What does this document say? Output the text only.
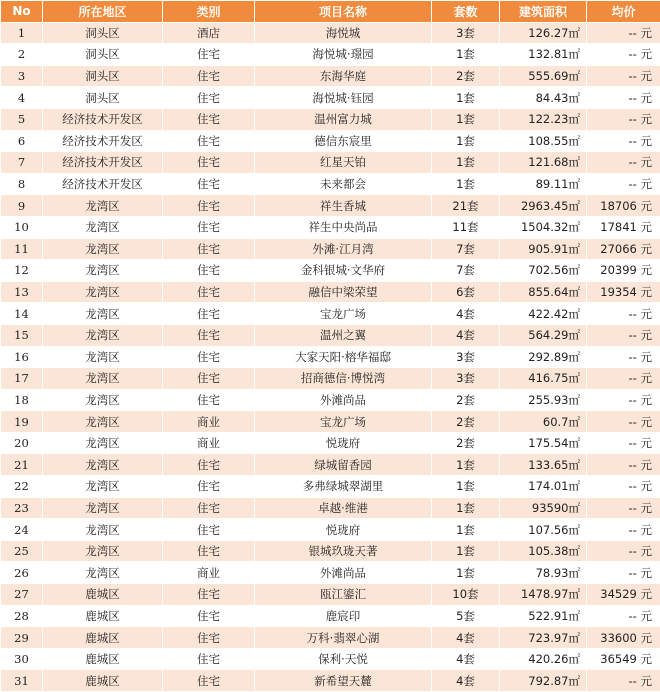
No	所在地区	类别	项目名称	套数	建筑面积	均价
1	洞头区	酒店	海悦城	3套	126.27㎡	-- 元
2	洞头区	住宅	海悦城·璟园	1套	132.81㎡	-- 元
3	洞头区	住宅	东海华庭	2套	555.69㎡	-- 元
4	洞头区	住宅	海悦城·钰园	1套	84.43㎡	-- 元
5	经济技术开发区	住宅	温州富力城	1套	122.23㎡	-- 元
6	经济技术开发区	住宅	德信东宸里	1套	108.55㎡	-- 元
7	经济技术开发区	住宅	红星天铂	1套	121.68㎡	-- 元
8	经济技术开发区	住宅	未来都会	1套	89.11㎡	-- 元
9	龙湾区	住宅	祥生香城	21套	2963.45㎡	18706 元
10	龙湾区	住宅	祥生中央尚品	11套	1504.32㎡	17841 元
11	龙湾区	住宅	外滩·江月湾	7套	905.91㎡	27066 元
12	龙湾区	住宅	金科银城·文华府	7套	702.56㎡	20399 元
13	龙湾区	住宅	融信中梁荣望	6套	855.64㎡	19354 元
14	龙湾区	住宅	宝龙广场	4套	422.42㎡	-- 元
15	龙湾区	住宅	温州之翼	4套	564.29㎡	-- 元
16	龙湾区	住宅	大家天阳·榕华福邸	3套	292.89㎡	-- 元
17	龙湾区	住宅	招商德信·博悦湾	3套	416.75㎡	-- 元
18	龙湾区	住宅	外滩尚品	2套	255.93㎡	-- 元
19	龙湾区	商业	宝龙广场	2套	60.7㎡	-- 元
20	龙湾区	商业	悦珑府	2套	175.54㎡	-- 元
21	龙湾区	住宅	绿城留香园	1套	133.65㎡	-- 元
22	龙湾区	住宅	多弗绿城翠湖里	1套	174.01㎡	-- 元
23	龙湾区	住宅	卓越·维港	1套	93590㎡	-- 元
24	龙湾区	住宅	悦珑府	1套	107.56㎡	-- 元
25	龙湾区	住宅	银城玖珑天著	1套	105.38㎡	-- 元
26	龙湾区	商业	外滩尚品	1套	78.93㎡	-- 元
27	鹿城区	住宅	瓯江鎏汇	10套	1478.97㎡	34529 元
28	鹿城区	住宅	鹿宸印	5套	522.91㎡	-- 元
29	鹿城区	住宅	万科·翡翠心湖	4套	723.97㎡	33600 元
30	鹿城区	住宅	保利·天悦	4套	420.26㎡	36549 元
31	鹿城区	住宅	新希望天麓	4套	792.87㎡	-- 元
